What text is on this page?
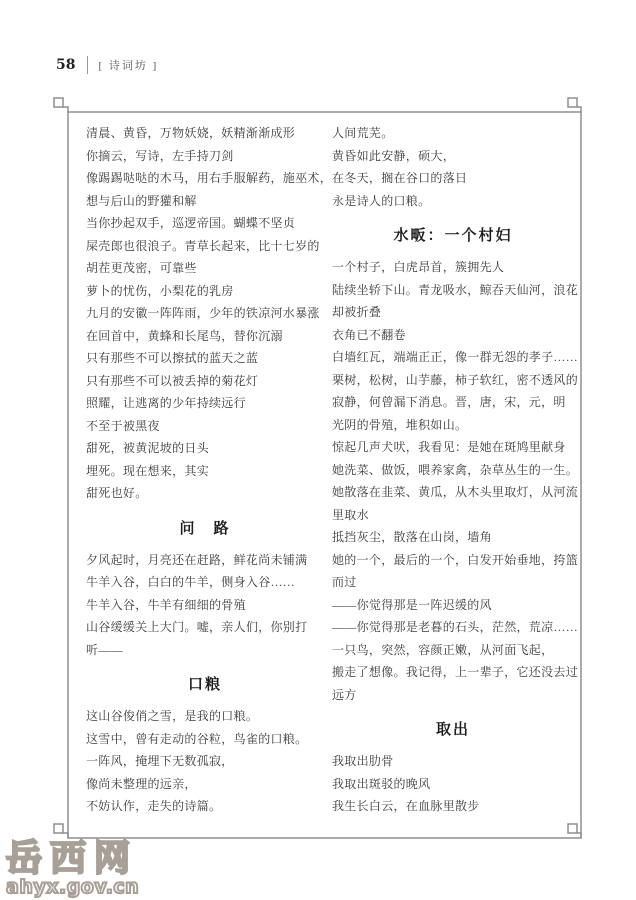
58 [ 诗词坊 ]
清晨、黄昏，万物妖娆，妖精渐渐成形
你摘云，写诗，左手持刀剑
像踢踢哒哒的木马，用右手服解药，施巫术，
想与后山的野獾和解
当你抄起双手，巡逻帝国。蝴蝶不坚贞
屎壳郎也很浪子。青草长起来，比十七岁的
胡茬更茂密，可靠些
萝卜的忧伤，小梨花的乳房
九月的安徽一阵阵雨，少年的铁凉河水暴涨
在回首中，黄蜂和长尾鸟，替你沉溺
只有那些不可以擦拭的蓝天之蓝
只有那些不可以被丢掉的菊花灯
照耀，让逃离的少年持续远行
不至于被黑夜
甜死，被黄泥坡的日头
埋死。现在想来，其实
甜死也好。
问　路
夕风起时，月亮还在赶路，鲜花尚未铺满
牛羊入谷，白白的牛羊，侧身入谷……
牛羊入谷，牛羊有细细的骨殖
山谷缓缓关上大门。嘘，亲人们，你别打
听——
口粮
这山谷俊俏之雪，是我的口粮。
这雪中，曾有走动的谷粒，鸟雀的口粮。
一阵风，掩埋下无数孤寂，
像尚未整理的远亲，
不妨认作，走失的诗篇。
人间荒芜。
黄昏如此安静，硕大，
在冬天，搁在谷口的落日
永是诗人的口粮。
水畈：一个村妇
一个村子，白虎昂首，簇拥先人
陆续坐轿下山。青龙吸水，鲸吞天仙河，浪花
却被折叠
衣角已不翻卷
白墙红瓦，端端正正，像一群无怨的孝子……
栗树，松树，山芋藤，柿子软红，密不透风的
寂静，何曾漏下消息。晋，唐，宋，元，明
光阴的骨殖，堆积如山。
惊起几声犬吠，我看见：是她在斑鸠里献身
她洗菜、做饭，喂养家禽，杂草丛生的一生。
她散落在韭菜、黄瓜，从木头里取灯，从河流
里取水
抵挡灰尘，散落在山岗，墙角
她的一个，最后的一个，白发开始垂地，挎篮
而过
——你觉得那是一阵迟缓的风
——你觉得那是老暮的石头，茫然，荒凉……
一只鸟，突然，容颜正嫩，从河面飞起，
搬走了想像。我记得，上一辈子，它还没去过
远方
取出
我取出肋骨
我取出斑驳的晚风
我生长白云，在血脉里散步
岳西网
ahyx.gov.cn
